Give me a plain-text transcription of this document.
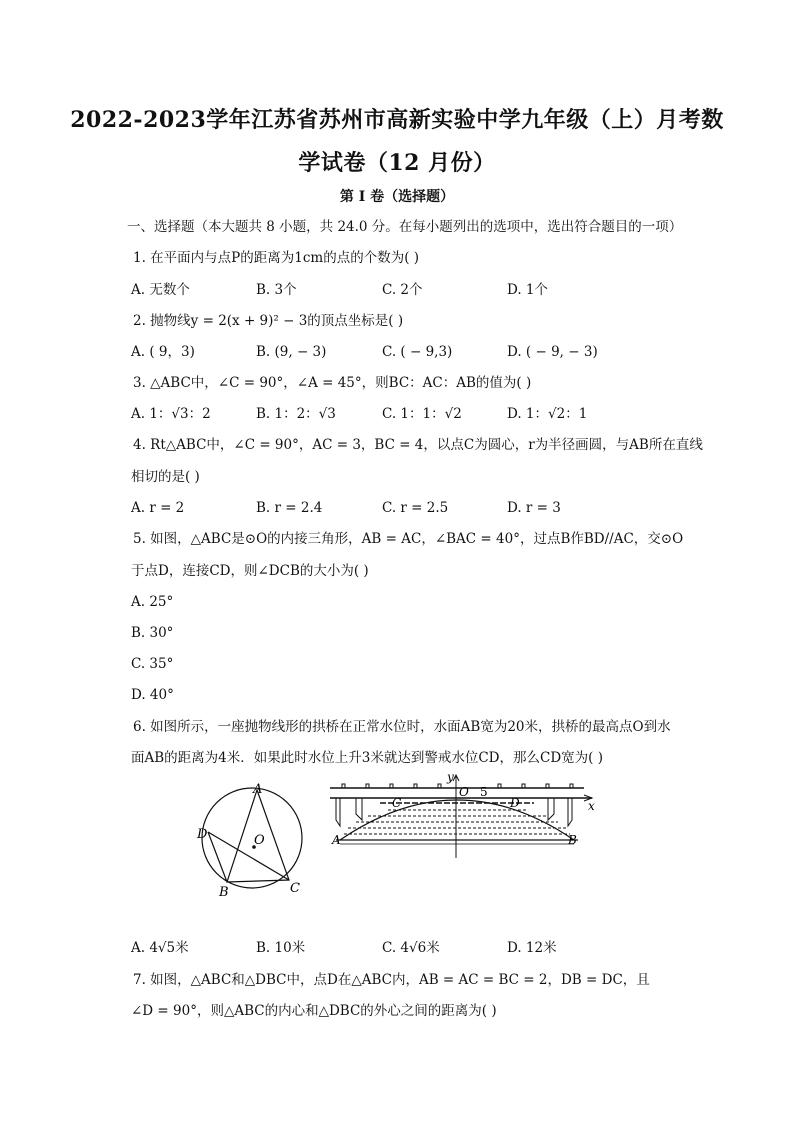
2022-2023学年江苏省苏州市高新实验中学九年级（上）月考数
学试卷（12 月份）
第 I 卷（选择题）
一、选择题（本大题共 8 小题，共 24.0 分。在每小题列出的选项中，选出符合题目的一项）
1. 在平面内与点P的距离为1cm的点的个数为( )
A. 无数个	B. 3个	C. 2个	D. 1个
2. 抛物线y = 2(x + 9)² − 3的顶点坐标是( )
A. ( 9，3)	B. (9, − 3)	C. ( − 9,3)	D. ( − 9, − 3)
3. △ABC中，∠C = 90°，∠A = 45°，则BC：AC：AB的值为( )
A. 1：√3：2	B. 1：2：√3	C. 1：1：√2	D. 1：√2：1
4. Rt△ABC中，∠C = 90°，AC = 3，BC = 4，以点C为圆心，r为半径画圆，与AB所在直线
相切的是( )
A. r = 2	B. r = 2.4	C. r = 2.5	D. r = 3
5. 如图，△ABC是⊙O的内接三角形，AB = AC，∠BAC = 40°，过点B作BD//AC，交⊙O
于点D，连接CD，则∠DCB的大小为( )
A. 25°
B. 30°
C. 35°
D. 40°
6. 如图所示，一座抛物线形的拱桥在正常水位时，水面AB宽为20米，拱桥的最高点O到水
面AB的距离为4米．如果此时水位上升3米就达到警戒水位CD，那么CD宽为( )
A
D	O
B	C
y
O
C	D
A	B
x
5
A. 4√5米	B. 10米	C. 4√6米	D. 12米
7. 如图，△ABC和△DBC中，点D在△ABC内，AB = AC = BC = 2，DB = DC，且
∠D = 90°，则△ABC的内心和△DBC的外心之间的距离为( )
